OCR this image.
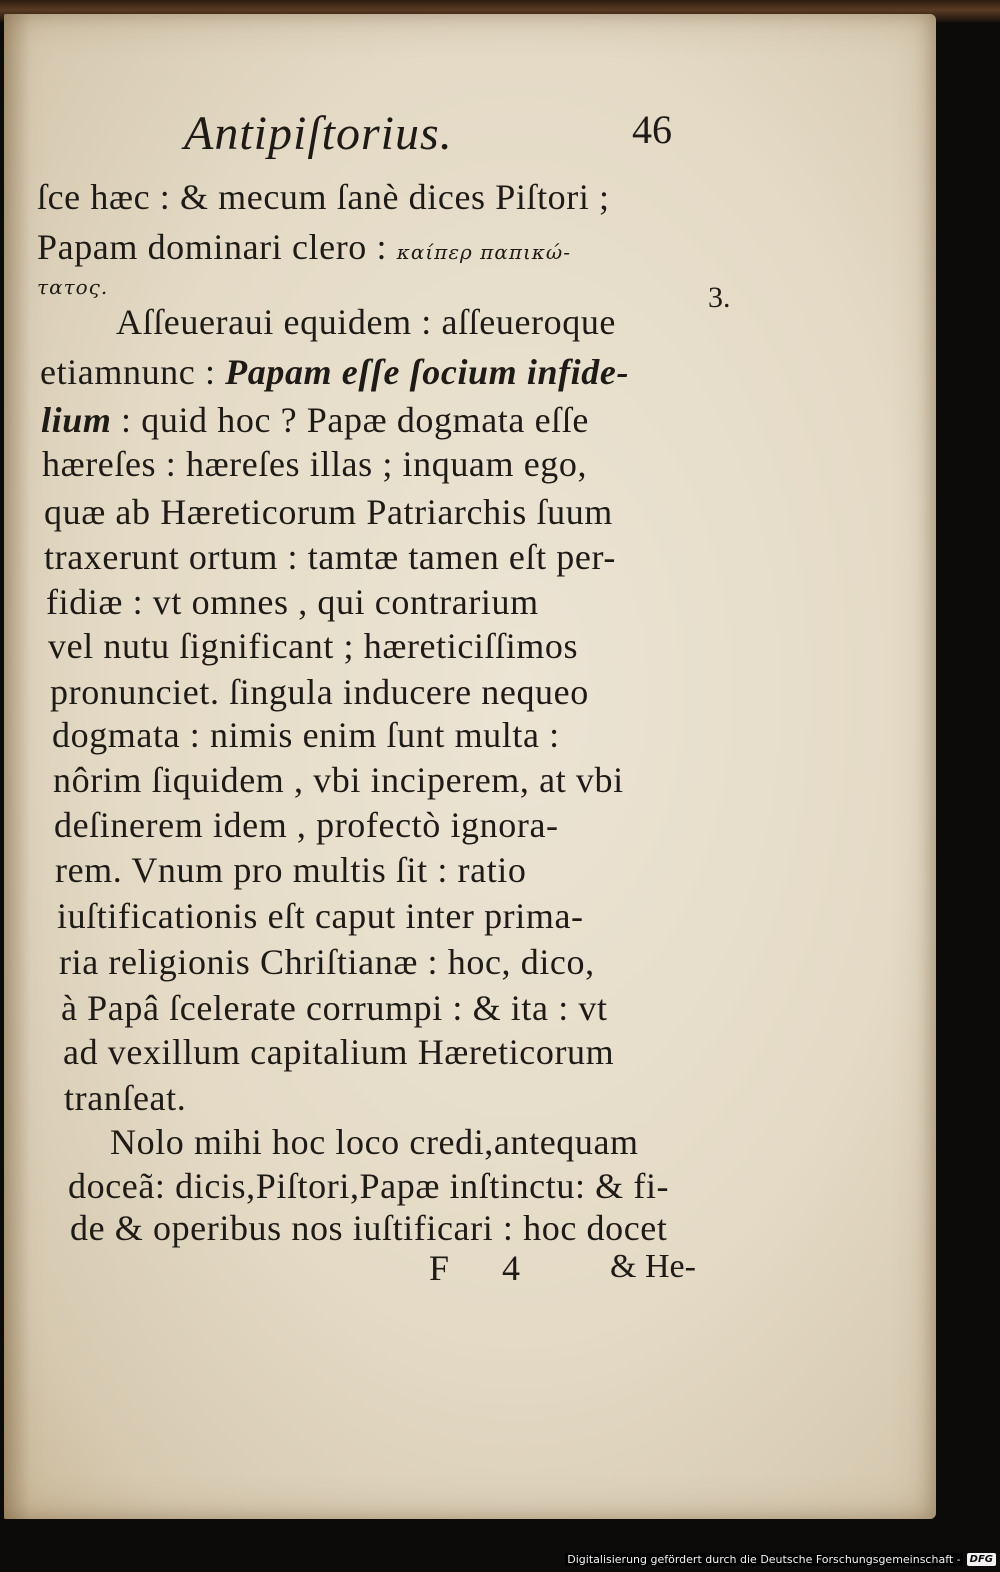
Antipiſtorius.	46
ſce hæc : & mecum ſanè dices Piſtori ;
Papam dominari clero : καίπερ παπικώ-
τατος.
Aſſeueraui equidem : aſſeueroque
etiamnunc : Papam eſſe ſocium infide-
lium : quid hoc ? Papæ dogmata eſſe
hæreſes : hæreſes illas ; inquam ego,
quæ ab Hæreticorum Patriarchis ſuum
traxerunt ortum : tamtæ tamen eſt per-
fidiæ : vt omnes , qui contrarium
vel nutu ſignificant ; hæreticiſſimos
pronunciet. ſingula inducere nequeo
dogmata : nimis enim ſunt multa :
nôrim ſiquidem , vbi inciperem, at vbi
deſinerem idem , profectò ignora-
rem. Vnum pro multis ſit : ratio
iuſtificationis eſt caput inter prima-
ria religionis Chriſtianæ : hoc, dico,
à Papâ ſcelerate corrumpi : & ita : vt
ad vexillum capitalium Hæreticorum
tranſeat.
Nolo mihi hoc loco credi,antequam
doceã: dicis,Piſtori,Papæ inſtinctu: & fi-
de & operibus nos iuſtificari : hoc docet
F 4 & He-
3.
Digitalisierung gefördert durch die Deutsche Forschungsgemeinschaft - DFG
